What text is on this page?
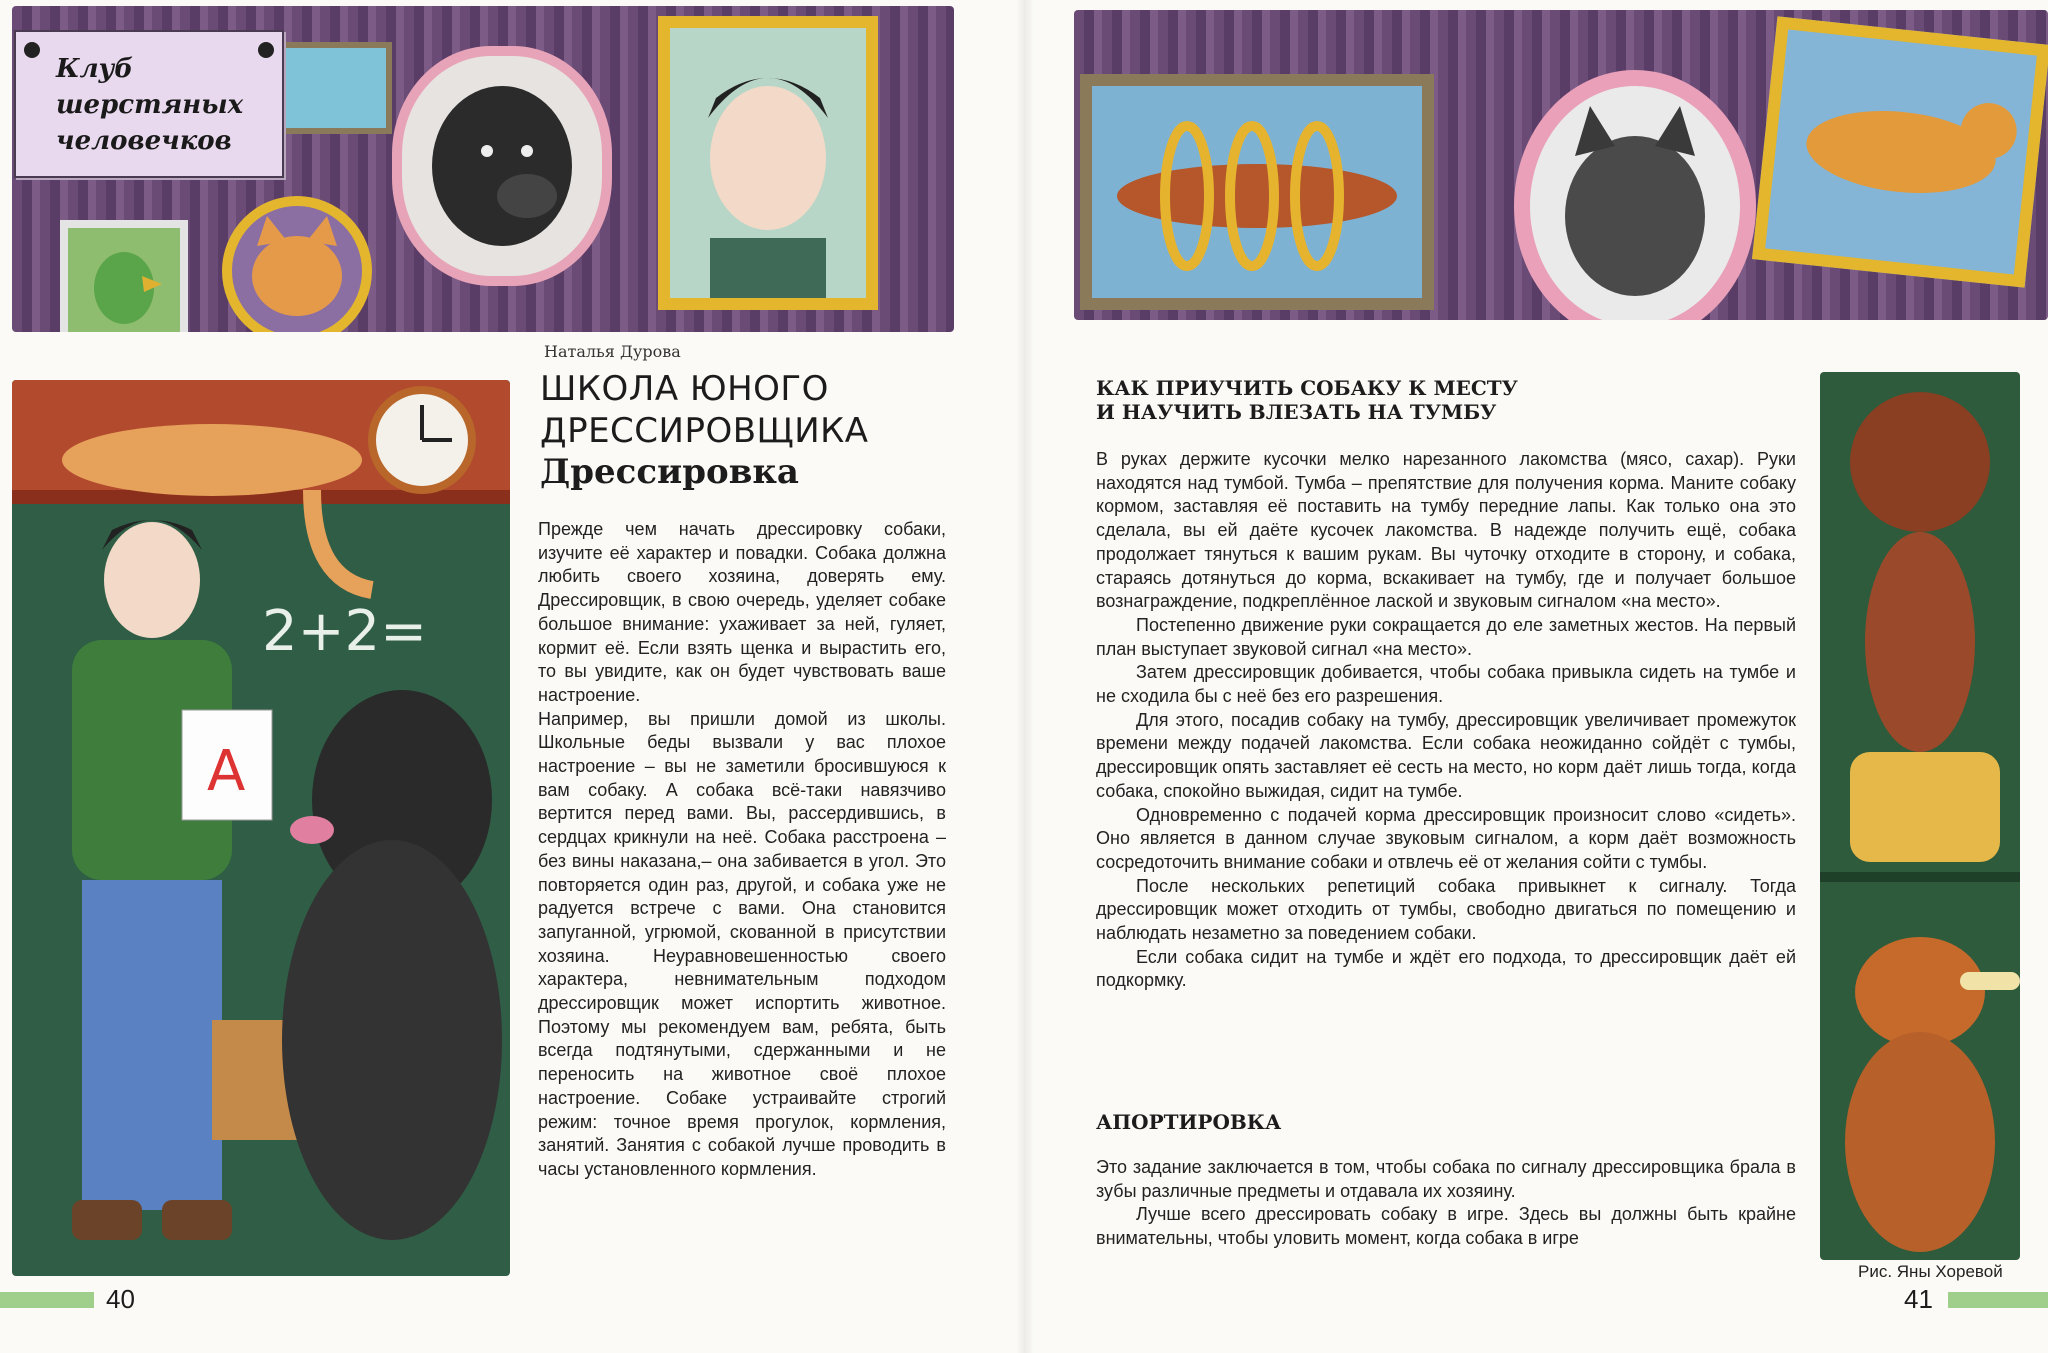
Клуб
шерстяных
человечков
2+2=
А
Наталья Дурова
ШКОЛА ЮНОГО
ДРЕССИРОВЩИКА
Дрессировка

Прежде чем начать дрессировку собаки, изучите её характер и повадки. Собака должна любить своего хозяина, доверять ему. Дрессировщик, в свою очередь, уделяет собаке большое внимание: ухаживает за ней, гуляет, кормит её. Если взять щенка и вырастить его, то вы увидите, как он будет чувствовать ваше настроение.

Например, вы пришли домой из школы. Школьные беды вызвали у вас плохое настроение – вы не заметили бросившуюся к вам собаку. А собака всё-таки навязчиво вертится перед вами. Вы, рассердившись, в сердцах крикнули на неё. Собака расстроена – без вины наказана,– она забивается в угол. Это повторяется один раз, другой, и собака уже не радуется встрече с вами. Она становится запуганной, угрюмой, скованной в присутствии хозяина. Неуравновешенностью своего характера, невнимательным подходом дрессировщик может испортить животное. Поэтому мы рекомендуем вам, ребята, быть всегда подтянутыми, сдержанными и не переносить на животное своё плохое настроение. Собаке устраивайте строгий режим: точное время прогулок, кормления, занятий. Занятия с собакой лучше проводить в часы установленного кормления.

40
КАК ПРИУЧИТЬ СОБАКУ К МЕСТУ
И НАУЧИТЬ ВЛЕЗАТЬ НА ТУМБУ

В руках держите кусочки мелко нарезанного лакомства (мясо, сахар). Руки находятся над тумбой. Тумба – препятствие для получения корма. Маните собаку кормом, заставляя её поставить на тумбу передние лапы. Как только она это сделала, вы ей даёте кусочек лакомства. В надежде получить ещё, собака продолжает тянуться к вашим рукам. Вы чуточку отходите в сторону, и собака, стараясь дотянуться до корма, вскакивает на тумбу, где и получает большое вознаграждение, подкреплённое лаской и звуковым сигналом «на место».

Постепенно движение руки сокращается до еле заметных жестов. На первый план выступает звуковой сигнал «на место».

Затем дрессировщик добивается, чтобы собака привыкла сидеть на тумбе и не сходила бы с неё без его разрешения.

Для этого, посадив собаку на тумбу, дрессировщик увеличивает промежуток времени между подачей лакомства. Если собака неожиданно сойдёт с тумбы, дрессировщик опять заставляет её сесть на место, но корм даёт лишь тогда, когда собака, спокойно выжидая, сидит на тумбе.

Одновременно с подачей корма дрессировщик произносит слово «сидеть». Оно является в данном случае звуковым сигналом, а корм даёт возможность сосредоточить внимание собаки и отвлечь её от желания сойти с тумбы.

После нескольких репетиций собака привыкнет к сигналу. Тогда дрессировщик может отходить от тумбы, свободно двигаться по помещению и наблюдать незаметно за поведением собаки.

Если собака сидит на тумбе и ждёт его подхода, то дрессировщик даёт ей подкормку.

АПОРТИРОВКА

Это задание заключается в том, чтобы собака по сигналу дрессировщика брала в зубы различные предметы и отдавала их хозяину.

Лучше всего дрессировать собаку в игре. Здесь вы должны быть крайне внимательны, чтобы уловить момент, когда собака в игре

Рис. Яны Хоревой
41
